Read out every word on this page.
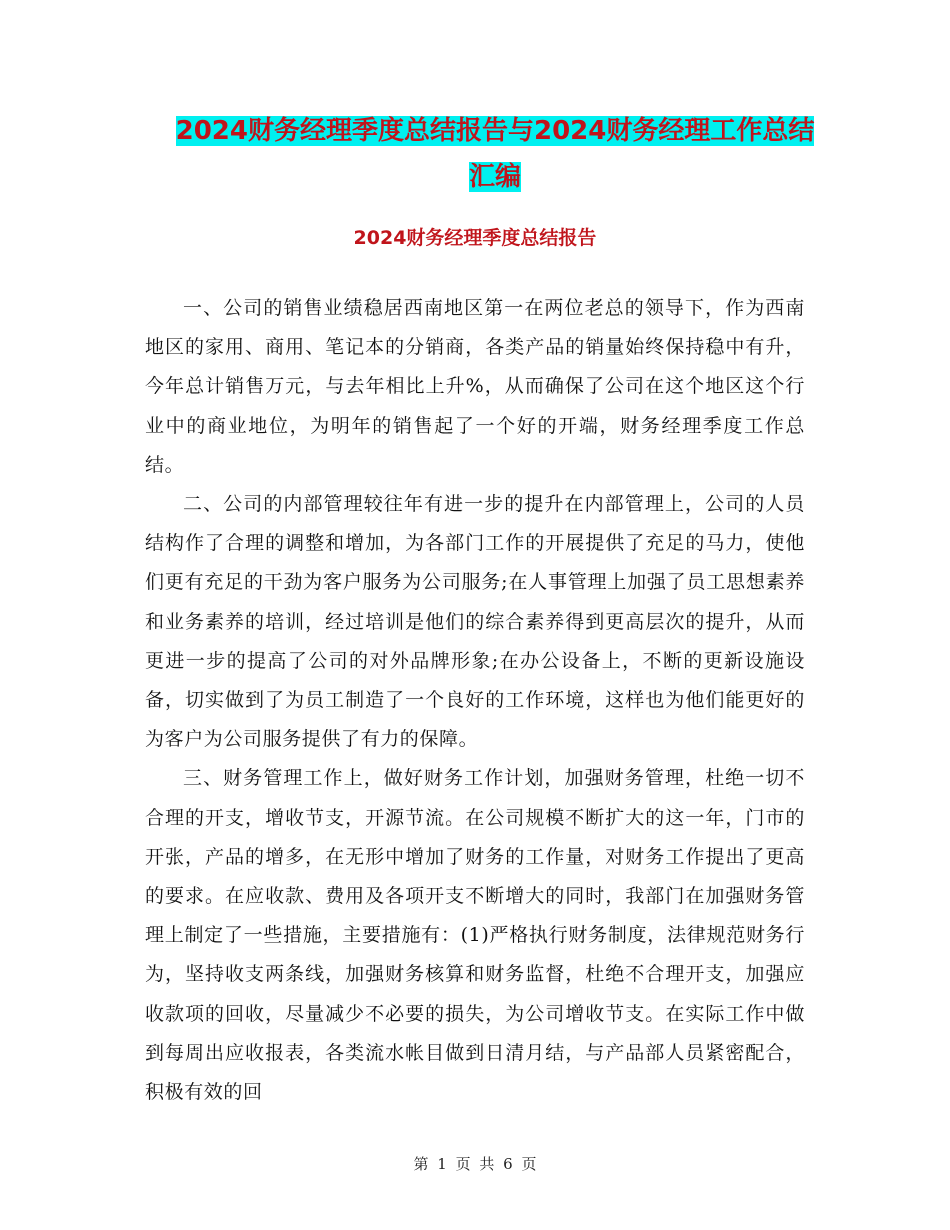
2024财务经理季度总结报告与2024财务经理工作总结
汇编
2024财务经理季度总结报告

一、公司的销售业绩稳居西南地区第一在两位老总的领导下，作为西南地区的家用、商用、笔记本的分销商，各类产品的销量始终保持稳中有升，今年总计销售万元，与去年相比上升%，从而确保了公司在这个地区这个行业中的商业地位，为明年的销售起了一个好的开端，财务经理季度工作总结。

二、公司的内部管理较往年有进一步的提升在内部管理上，公司的人员结构作了合理的调整和增加，为各部门工作的开展提供了充足的马力，使他们更有充足的干劲为客户服务为公司服务;在人事管理上加强了员工思想素养和业务素养的培训，经过培训是他们的综合素养得到更高层次的提升，从而更进一步的提高了公司的对外品牌形象;在办公设备上，不断的更新设施设备，切实做到了为员工制造了一个良好的工作环境，这样也为他们能更好的为客户为公司服务提供了有力的保障。

三、财务管理工作上，做好财务工作计划，加强财务管理，杜绝一切不合理的开支，增收节支，开源节流。在公司规模不断扩大的这一年，门市的开张，产品的增多，在无形中增加了财务的工作量，对财务工作提出了更高的要求。在应收款、费用及各项开支不断增大的同时，我部门在加强财务管理上制定了一些措施，主要措施有：(1)严格执行财务制度，法律规范财务行为，坚持收支两条线，加强财务核算和财务监督，杜绝不合理开支，加强应收款项的回收，尽量减少不必要的损失，为公司增收节支。在实际工作中做到每周出应收报表，各类流水帐目做到日清月结，与产品部人员紧密配合，积极有效的回

第 1 页 共 6 页
